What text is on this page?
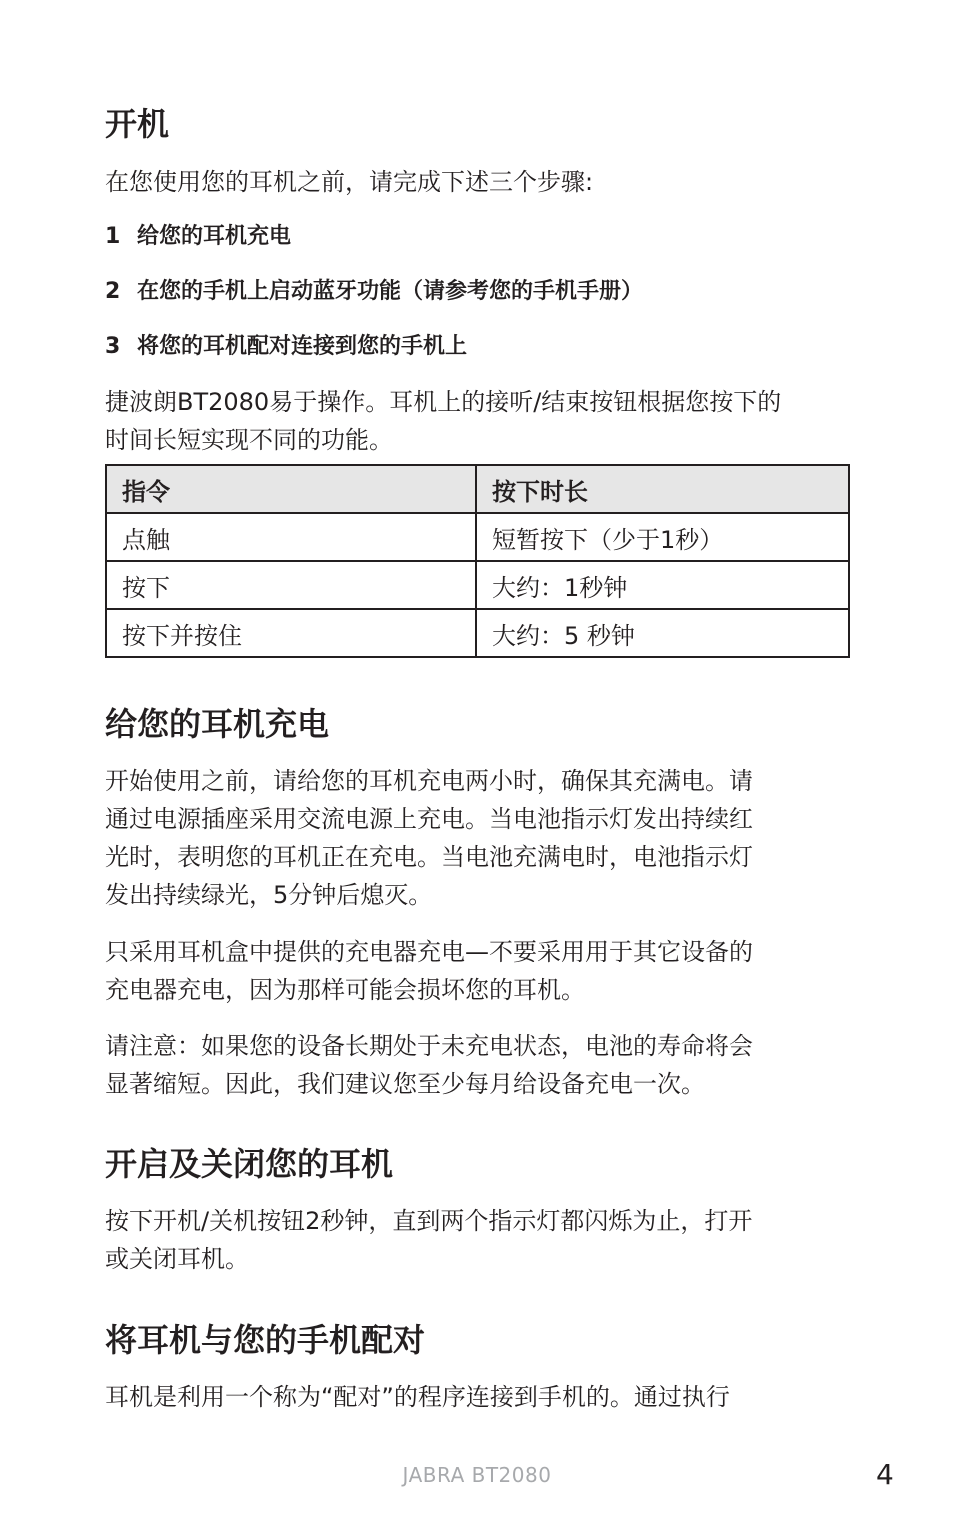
开机

在您使用您的耳机之前，请完成下述三个步骤:

1 给您的耳机充电
2 在您的手机上启动蓝牙功能（请参考您的手机手册）
3 将您的耳机配对连接到您的手机上

捷波朗BT2080易于操作。耳机上的接听/结束按钮根据您按下的

时间长短实现不同的功能。

指令	按下时长
点触	短暂按下（少于1秒）
按下	大约：1秒钟
按下并按住	大约：5 秒钟
给您的耳机充电

开始使用之前，请给您的耳机充电两小时，确保其充满电。请

通过电源插座采用交流电源上充电。当电池指示灯发出持续红

光时，表明您的耳机正在充电。当电池充满电时，电池指示灯

发出持续绿光，5分钟后熄灭。

只采用耳机盒中提供的充电器充电—不要采用用于其它设备的

充电器充电，因为那样可能会损坏您的耳机。

请注意：如果您的设备长期处于未充电状态，电池的寿命将会

显著缩短。因此，我们建议您至少每月给设备充电一次。

开启及关闭您的耳机

按下开机/关机按钮2秒钟，直到两个指示灯都闪烁为止，打开

或关闭耳机。

将耳机与您的手机配对

耳机是利用一个称为“配对”的程序连接到手机的。通过执行

JABRA BT2080	4
